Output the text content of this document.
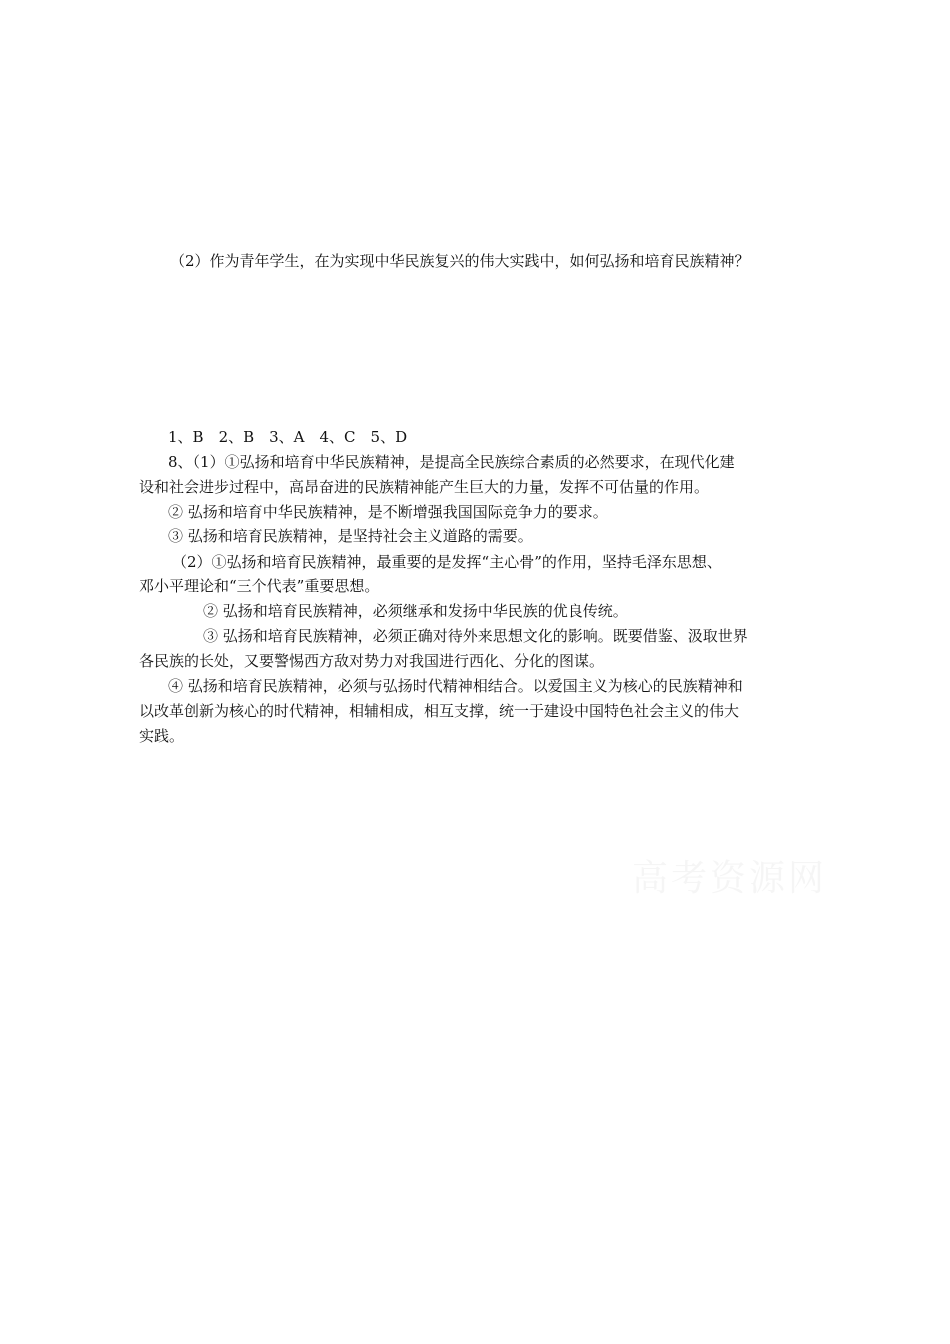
（2）作为青年学生，在为实现中华民族复兴的伟大实践中，如何弘扬和培育民族精神？
1、B　2、B　3、A　4、C　5、D
8、（1）①弘扬和培育中华民族精神，是提高全民族综合素质的必然要求，在现代化建
设和社会进步过程中，高昂奋进的民族精神能产生巨大的力量，发挥不可估量的作用。
② 弘扬和培育中华民族精神，是不断增强我国国际竞争力的要求。
③ 弘扬和培育民族精神，是坚持社会主义道路的需要。
（2）①弘扬和培育民族精神，最重要的是发挥“主心骨”的作用，坚持毛泽东思想、
邓小平理论和“三个代表”重要思想。
② 弘扬和培育民族精神，必须继承和发扬中华民族的优良传统。
③ 弘扬和培育民族精神，必须正确对待外来思想文化的影响。既要借鉴、汲取世界
各民族的长处，又要警惕西方敌对势力对我国进行西化、分化的图谋。
④ 弘扬和培育民族精神，必须与弘扬时代精神相结合。以爱国主义为核心的民族精神和
以改革创新为核心的时代精神，相辅相成，相互支撑，统一于建设中国特色社会主义的伟大
实践。
高考资源网
